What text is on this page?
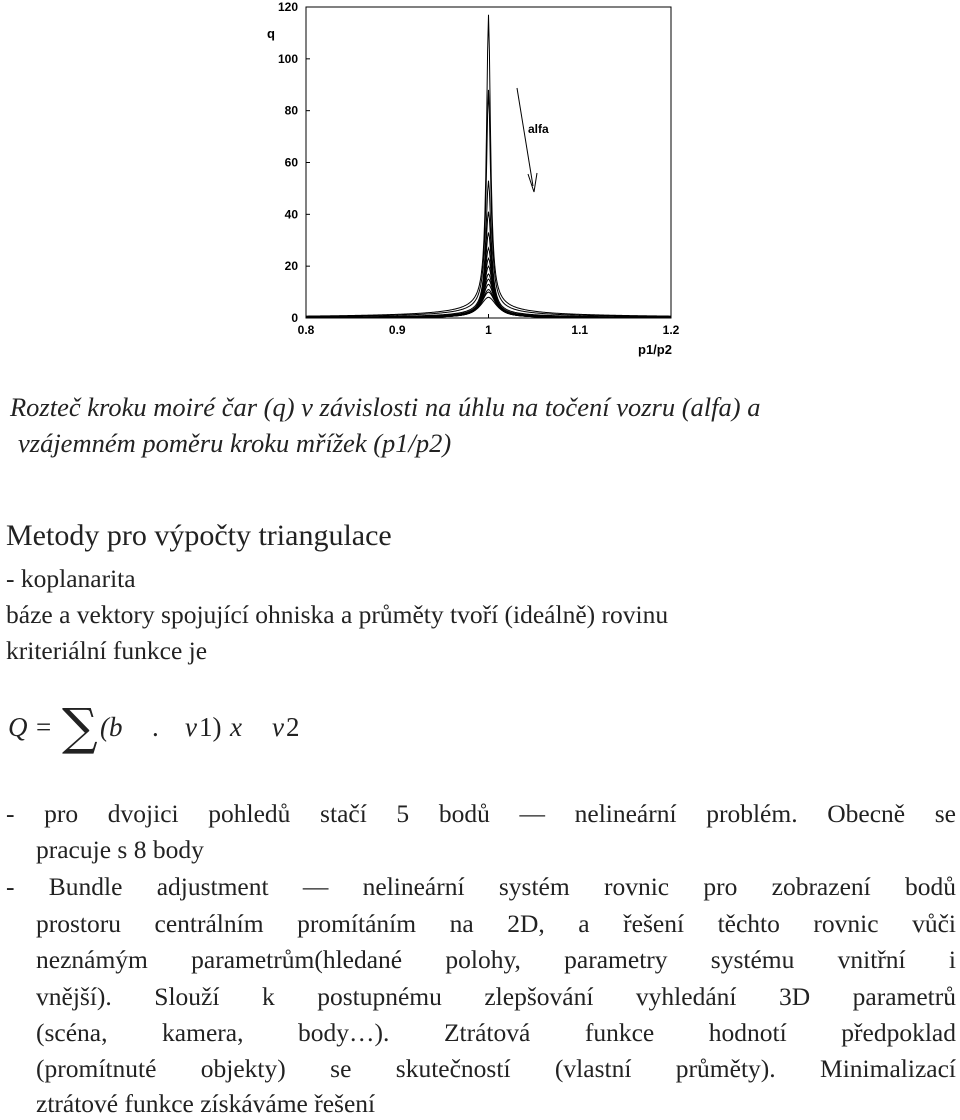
0
20
40
60
80
100
120
0.8	0.9	1	1.1	1.2
q
p1/p2
alfa
Rozteč kroku moiré čar (q) v závislosti na úhlu na točení vozru (alfa) a
vzájemném poměru kroku mřížek (p1/p2)
Metody pro výpočty triangulace
- koplanarita
báze a vektory spojující ohniska a průměty tvoří (ideálně) rovinu
kriteriální funkce je
Q = ∑ (b . v 1) x v 2
- pro dvojici pohledů stačí 5 bodů — nelineární problém. Obecně se
pracuje s 8 body
- Bundle adjustment — nelineární systém rovnic pro zobrazení bodů
prostoru centrálním promítáním na 2D, a řešení těchto rovnic vůči
neznámým parametrům(hledané polohy, parametry systému vnitřní i
vnější). Slouží k postupnému zlepšování vyhledání 3D parametrů
(scéna, kamera, body…). Ztrátová funkce hodnotí předpoklad
(promítnuté objekty) se skutečností (vlastní průměty). Minimalizací
ztrátové funkce získáváme řešení
